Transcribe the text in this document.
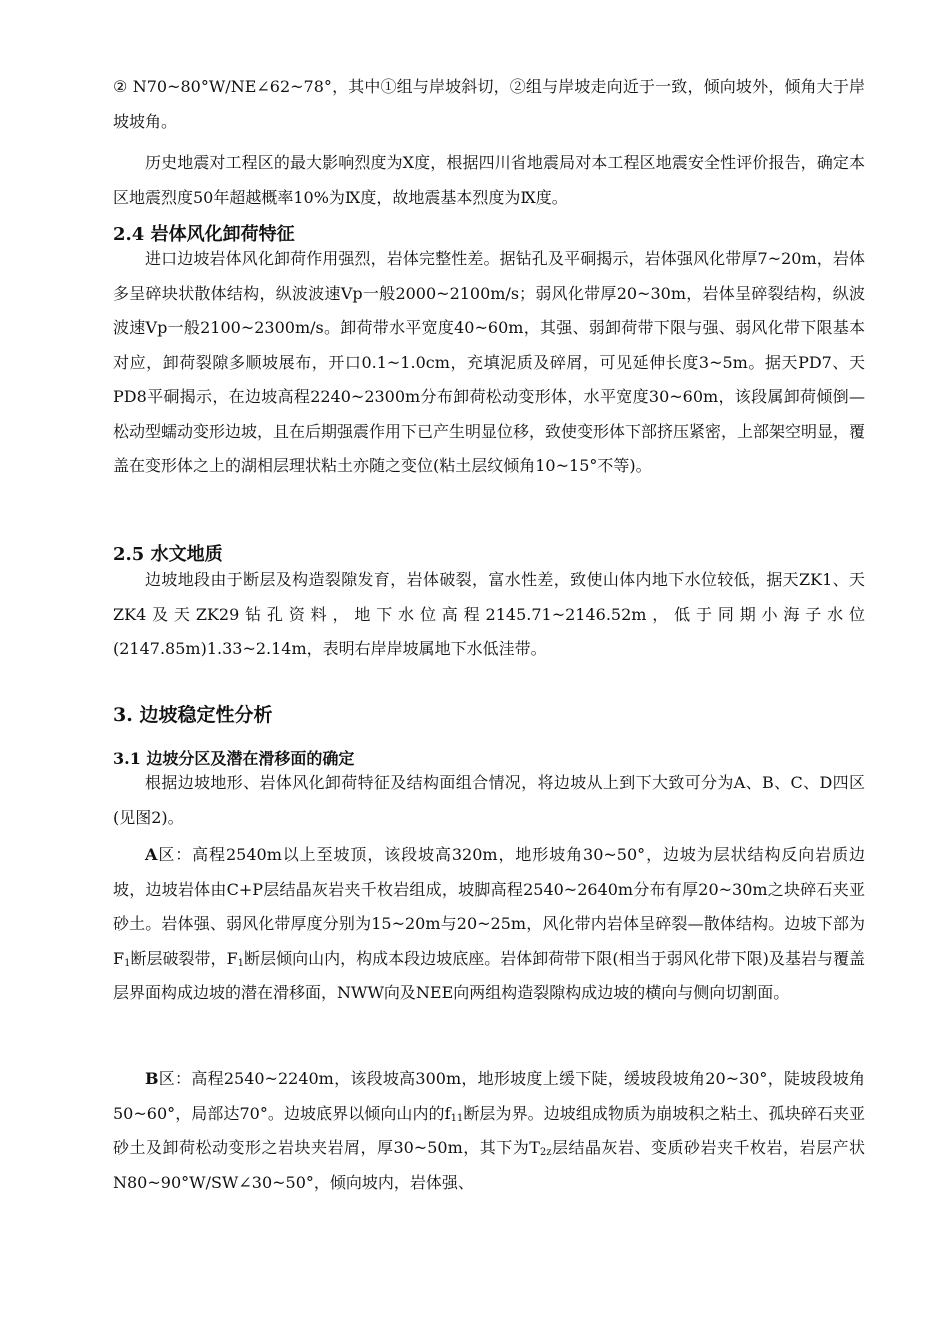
② N70~80°W/NE∠62~78°，其中①组与岸坡斜切，②组与岸坡走向近于一致，倾向坡外，倾角大于岸坡坡角。

历史地震对工程区的最大影响烈度为Ⅹ度，根据四川省地震局对本工程区地震安全性评价报告，确定本区地震烈度50年超越概率10%为Ⅸ度，故地震基本烈度为Ⅸ度。

2.4 岩体风化卸荷特征

进口边坡岩体风化卸荷作用强烈，岩体完整性差。据钻孔及平硐揭示，岩体强风化带厚7~20m，岩体多呈碎块状散体结构，纵波波速Vp一般2000~2100m/s；弱风化带厚20~30m，岩体呈碎裂结构，纵波波速Vp一般2100~2300m/s。卸荷带水平宽度40~60m，其强、弱卸荷带下限与强、弱风化带下限基本对应，卸荷裂隙多顺坡展布，开口0.1~1.0cm，充填泥质及碎屑，可见延伸长度3~5m。据天PD7、天PD8平硐揭示，在边坡高程2240~2300m分布卸荷松动变形体，水平宽度30~60m，该段属卸荷倾倒—松动型蠕动变形边坡，且在后期强震作用下已产生明显位移，致使变形体下部挤压紧密，上部架空明显，覆盖在变形体之上的湖相层理状粘土亦随之变位(粘土层纹倾角10~15°不等)。

2.5 水文地质

边坡地段由于断层及构造裂隙发育，岩体破裂，富水性差，致使山体内地下水位较低，据天ZK1、天ZK4及天ZK29钻孔资料，地下水位高程2145.71~2146.52m，低于同期小海子水位(2147.85m)1.33~2.14m，表明右岸岸坡属地下水低洼带。

3. 边坡稳定性分析
3.1 边坡分区及潜在滑移面的确定

根据边坡地形、岩体风化卸荷特征及结构面组合情况，将边坡从上到下大致可分为A、B、C、D四区(见图2)。

A区：高程2540m以上至坡顶，该段坡高320m，地形坡角30~50°，边坡为层状结构反向岩质边坡，边坡岩体由C+P层结晶灰岩夹千枚岩组成，坡脚高程2540~2640m分布有厚20~30m之块碎石夹亚砂土。岩体强、弱风化带厚度分别为15~20m与20~25m，风化带内岩体呈碎裂—散体结构。边坡下部为$F_1$断层破裂带，$F_1$断层倾向山内，构成本段边坡底座。岩体卸荷带下限(相当于弱风化带下限)及基岩与覆盖层界面构成边坡的潜在滑移面，NWW向及NEE向两组构造裂隙构成边坡的横向与侧向切割面。

B区：高程2540~2240m，该段坡高300m，地形坡度上缓下陡，缓坡段坡角20~30°，陡坡段坡角50~60°，局部达70°。边坡底界以倾向山内的$f_{11}$断层为界。边坡组成物质为崩坡积之粘土、孤块碎石夹亚砂土及卸荷松动变形之岩块夹岩屑，厚30~50m，其下为$T_{2z}$层结晶灰岩、变质砂岩夹千枚岩，岩层产状N80~90°W/SW∠30~50°，倾向坡内，岩体强、
